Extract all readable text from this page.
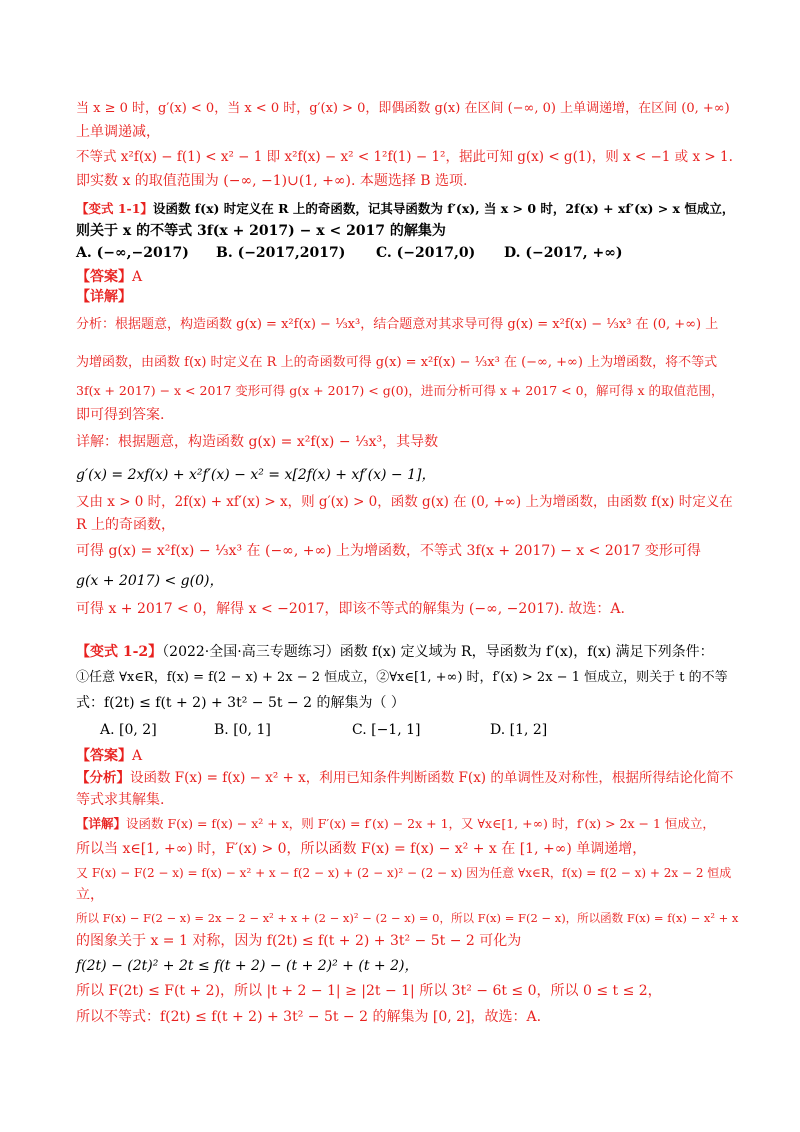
当 x ≥ 0 时，g′(x) < 0，当 x < 0 时，g′(x) > 0，即偶函数 g(x) 在区间 (−∞, 0) 上单调递增，在区间 (0, +∞)
上单调递减，
不等式 x²f(x) − f(1) < x² − 1 即 x²f(x) − x² < 1²f(1) − 1²，据此可知 g(x) < g(1)，则 x < −1 或 x > 1.
即实数 x 的取值范围为 (−∞, −1)∪(1, +∞). 本题选择 B 选项.
【变式 1-1】设函数 f(x) 时定义在 R 上的奇函数，记其导函数为 f′(x), 当 x > 0 时，2f(x) + xf′(x) > x 恒成立，
则关于 x 的不等式 3f(x + 2017) − x < 2017 的解集为
A. (−∞,−2017) B. (−2017,2017) C. (−2017,0) D. (−2017, +∞)
【答案】A
【详解】
分析：根据题意，构造函数 g(x) = x²f(x) − ⅓x³，结合题意对其求导可得 g(x) = x²f(x) − ⅓x³ 在 (0, +∞) 上
为增函数，由函数 f(x) 时定义在 R 上的奇函数可得 g(x) = x²f(x) − ⅓x³ 在 (−∞, +∞) 上为增函数，将不等式
3f(x + 2017) − x < 2017 变形可得 g(x + 2017) < g(0)，进而分析可得 x + 2017 < 0，解可得 x 的取值范围，
即可得到答案.
详解：根据题意，构造函数 g(x) = x²f(x) − ⅓x³，其导数
g′(x) = 2xf(x) + x²f′(x) − x² = x[2f(x) + xf′(x) − 1]，
又由 x > 0 时，2f(x) + xf′(x) > x，则 g′(x) > 0，函数 g(x) 在 (0, +∞) 上为增函数，由函数 f(x) 时定义在
R 上的奇函数，
可得 g(x) = x²f(x) − ⅓x³ 在 (−∞, +∞) 上为增函数，不等式 3f(x + 2017) − x < 2017 变形可得
g(x + 2017) < g(0)，
可得 x + 2017 < 0，解得 x < −2017，即该不等式的解集为 (−∞, −2017). 故选：A.
【变式 1-2】（2022·全国·高三专题练习）函数 f(x) 定义域为 R，导函数为 f′(x)，f(x) 满足下列条件：
①任意 ∀x∈R，f(x) = f(2 − x) + 2x − 2 恒成立，②∀x∈[1, +∞) 时，f′(x) > 2x − 1 恒成立，则关于 t 的不等
式：f(2t) ≤ f(t + 2) + 3t² − 5t − 2 的解集为（ ）
A. [0, 2]	B. [0, 1]	C. [−1, 1]	D. [1, 2]
【答案】A
【分析】设函数 F(x) = f(x) − x² + x，利用已知条件判断函数 F(x) 的单调性及对称性，根据所得结论化简不
等式求其解集.
【详解】设函数 F(x) = f(x) − x² + x，则 F′(x) = f′(x) − 2x + 1，又 ∀x∈[1, +∞) 时，f′(x) > 2x − 1 恒成立，
所以当 x∈[1, +∞) 时，F′(x) > 0，所以函数 F(x) = f(x) − x² + x 在 [1, +∞) 单调递增，
又 F(x) − F(2 − x) = f(x) − x² + x − f(2 − x) + (2 − x)² − (2 − x) 因为任意 ∀x∈R，f(x) = f(2 − x) + 2x − 2 恒成
立，
所以 F(x) − F(2 − x) = 2x − 2 − x² + x + (2 − x)² − (2 − x) = 0，所以 F(x) = F(2 − x)，所以函数 F(x) = f(x) − x² + x
的图象关于 x = 1 对称，因为 f(2t) ≤ f(t + 2) + 3t² − 5t − 2 可化为
f(2t) − (2t)² + 2t ≤ f(t + 2) − (t + 2)² + (t + 2)，
所以 F(2t) ≤ F(t + 2)，所以 |t + 2 − 1| ≥ |2t − 1| 所以 3t² − 6t ≤ 0，所以 0 ≤ t ≤ 2，
所以不等式：f(2t) ≤ f(t + 2) + 3t² − 5t − 2 的解集为 [0, 2]，故选：A.
